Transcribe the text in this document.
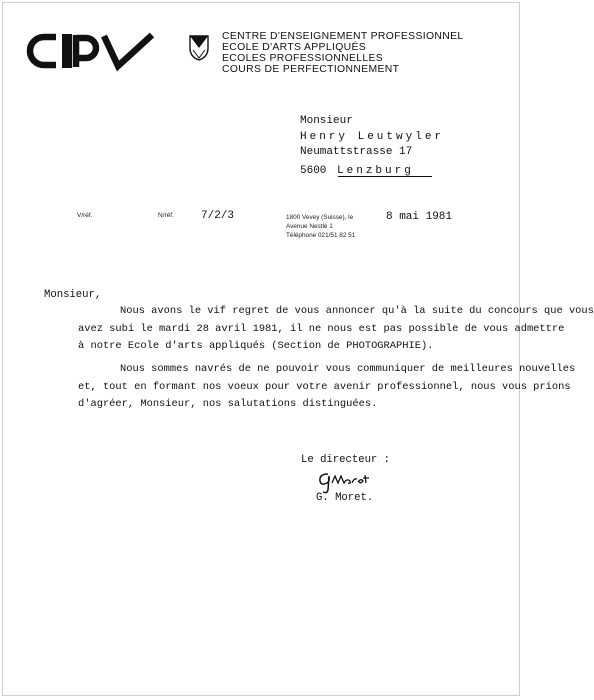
CENTRE D'ENSEIGNEMENT PROFESSIONNEL
ECOLE D'ARTS APPLIQUÉS
ECOLES PROFESSIONNELLES
COURS DE PERFECTIONNEMENT
Monsieur
Henry Leutwyler
Neumattstrasse 17
5600 Lenzburg
V/réf.	N/réf. 7/2/3	1800 Vevey (Suisse), le
Avenue Nestlé 1
Téléphone 021/51 82 51
8 mai 1981
Monsieur,
Nous avons le vif regret de vous annoncer qu'à la suite du concours que vous
avez subi le mardi 28 avril 1981, il ne nous est pas possible de vous admettre
à notre Ecole d'arts appliqués (Section de PHOTOGRAPHIE).
Nous sommes navrés de ne pouvoir vous communiquer de meilleures nouvelles
et, tout en formant nos voeux pour votre avenir professionnel, nous vous prions
d'agréer, Monsieur, nos salutations distinguées.
Le directeur :
G. Moret.
